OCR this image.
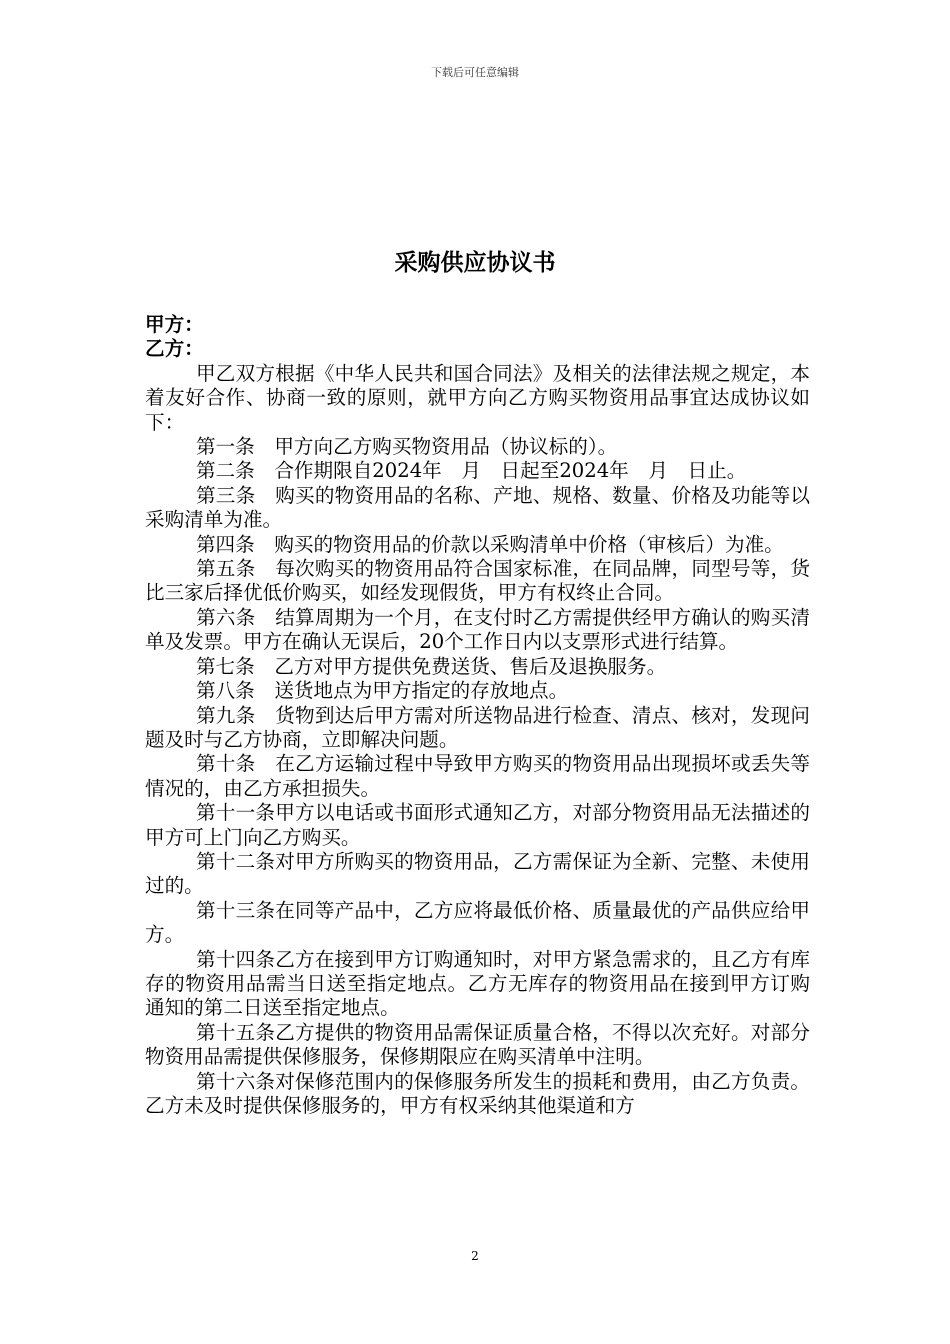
下载后可任意编辑
采购供应协议书

甲方：

乙方：

甲乙双方根据《中华人民共和国合同法》及相关的法律法规之规定，本着友好合作、协商一致的原则，就甲方向乙方购买物资用品事宜达成协议如下：

第一条　甲方向乙方购买物资用品（协议标的）。

第二条　合作期限自2024年　月　日起至2024年　月　日止。

第三条　购买的物资用品的名称、产地、规格、数量、价格及功能等以采购清单为准。

第四条　购买的物资用品的价款以采购清单中价格（审核后）为准。

第五条　每次购买的物资用品符合国家标准，在同品牌，同型号等，货比三家后择优低价购买，如经发现假货，甲方有权终止合同。

第六条　结算周期为一个月，在支付时乙方需提供经甲方确认的购买清单及发票。甲方在确认无误后，20个工作日内以支票形式进行结算。

第七条　乙方对甲方提供免费送货、售后及退换服务。

第八条　送货地点为甲方指定的存放地点。

第九条　货物到达后甲方需对所送物品进行检查、清点、核对，发现问题及时与乙方协商，立即解决问题。

第十条　在乙方运输过程中导致甲方购买的物资用品出现损坏或丢失等情况的，由乙方承担损失。

第十一条甲方以电话或书面形式通知乙方，对部分物资用品无法描述的甲方可上门向乙方购买。

第十二条对甲方所购买的物资用品，乙方需保证为全新、完整、未使用过的。

第十三条在同等产品中，乙方应将最低价格、质量最优的产品供应给甲方。

第十四条乙方在接到甲方订购通知时，对甲方紧急需求的，且乙方有库存的物资用品需当日送至指定地点。乙方无库存的物资用品在接到甲方订购通知的第二日送至指定地点。

第十五条乙方提供的物资用品需保证质量合格，不得以次充好。对部分物资用品需提供保修服务，保修期限应在购买清单中注明。

第十六条对保修范围内的保修服务所发生的损耗和费用，由乙方负责。乙方未及时提供保修服务的，甲方有权采纳其他渠道和方

2
